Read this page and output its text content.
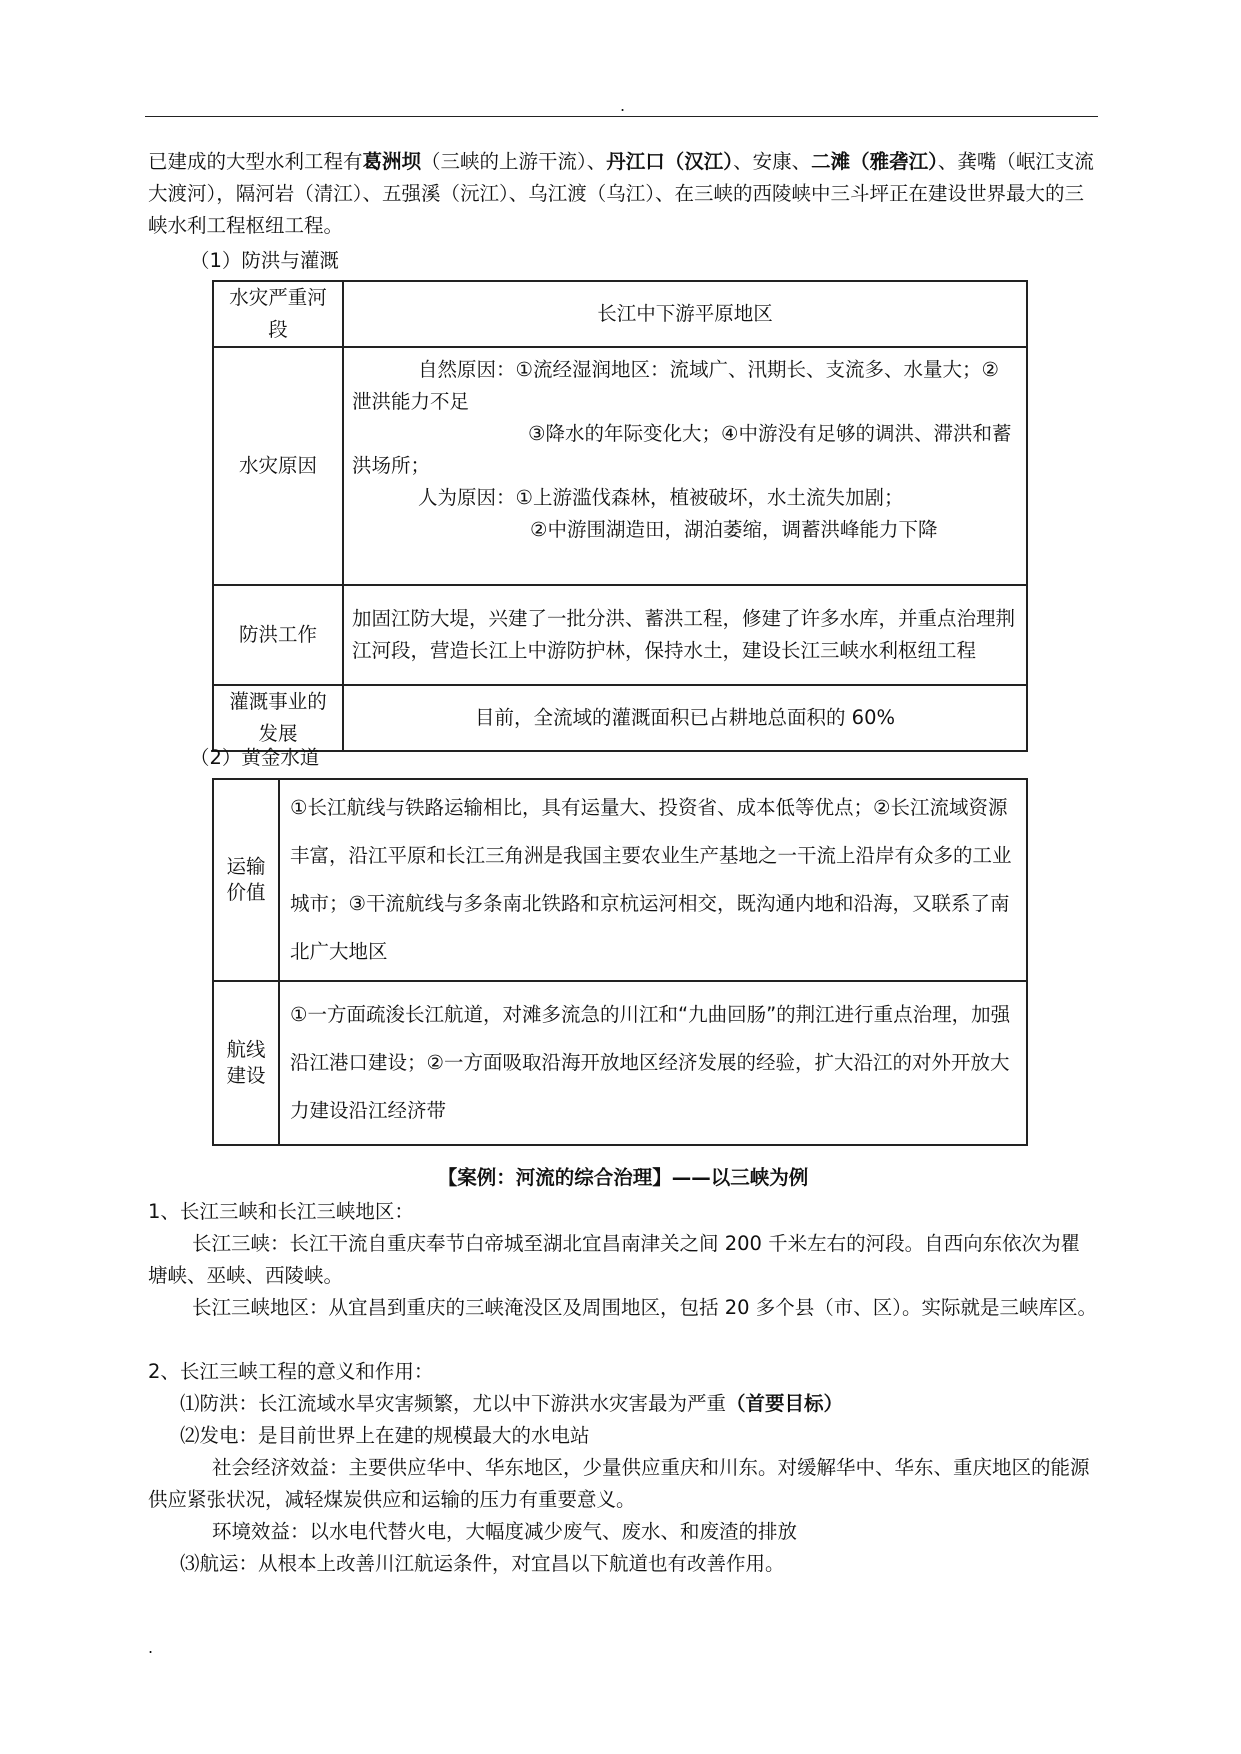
.
已建成的大型水利工程有葛洲坝（三峡的上游干流）、丹江口（汉江）、安康、二滩（雅砻江）、龚嘴（岷江支流大渡河），隔河岩（清江）、五强溪（沅江）、乌江渡（乌江）、在三峡的西陵峡中三斗坪正在建设世界最大的三峡水利工程枢纽工程。
（1）防洪与灌溉
水灾严重河段	长江中下游平原地区
水灾原因	自然原因：①流经湿润地区：流域广、汛期长、支流多、水量大；②泄洪能力不足
③降水的年际变化大；④中游没有足够的调洪、滞洪和蓄洪场所；
人为原因：①上游滥伐森林，植被破坏，水土流失加剧；
②中游围湖造田，湖泊萎缩，调蓄洪峰能力下降

防洪工作	加固江防大堤，兴建了一批分洪、蓄洪工程，修建了许多水库，并重点治理荆江河段，营造长江上中游防护林，保持水土，建设长江三峡水利枢纽工程
灌溉事业的发展	目前，全流域的灌溉面积已占耕地总面积的 60%
（2）黄金水道
运输价值	①长江航线与铁路运输相比，具有运量大、投资省、成本低等优点；②长江流域资源丰富，沿江平原和长江三角洲是我国主要农业生产基地之一干流上沿岸有众多的工业城市；③干流航线与多条南北铁路和京杭运河相交，既沟通内地和沿海，又联系了南北广大地区
航线建设	①一方面疏浚长江航道，对滩多流急的川江和“九曲回肠”的荆江进行重点治理，加强沿江港口建设；②一方面吸取沿海开放地区经济发展的经验，扩大沿江的对外开放大力建设沿江经济带
【案例：河流的综合治理】——以三峡为例
1、长江三峡和长江三峡地区：
长江三峡：长江干流自重庆奉节白帝城至湖北宜昌南津关之间 200 千米左右的河段。自西向东依次为瞿塘峡、巫峡、西陵峡。
长江三峡地区：从宜昌到重庆的三峡淹没区及周围地区，包括 20 多个县（市、区）。实际就是三峡库区。
2、长江三峡工程的意义和作用：
⑴防洪：长江流域水旱灾害频繁，尤以中下游洪水灾害最为严重（首要目标）
⑵发电：是目前世界上在建的规模最大的水电站
社会经济效益：主要供应华中、华东地区，少量供应重庆和川东。对缓解华中、华东、重庆地区的能源供应紧张状况，减轻煤炭供应和运输的压力有重要意义。
环境效益：以水电代替火电，大幅度减少废气、废水、和废渣的排放
⑶航运：从根本上改善川江航运条件，对宜昌以下航道也有改善作用。
.
